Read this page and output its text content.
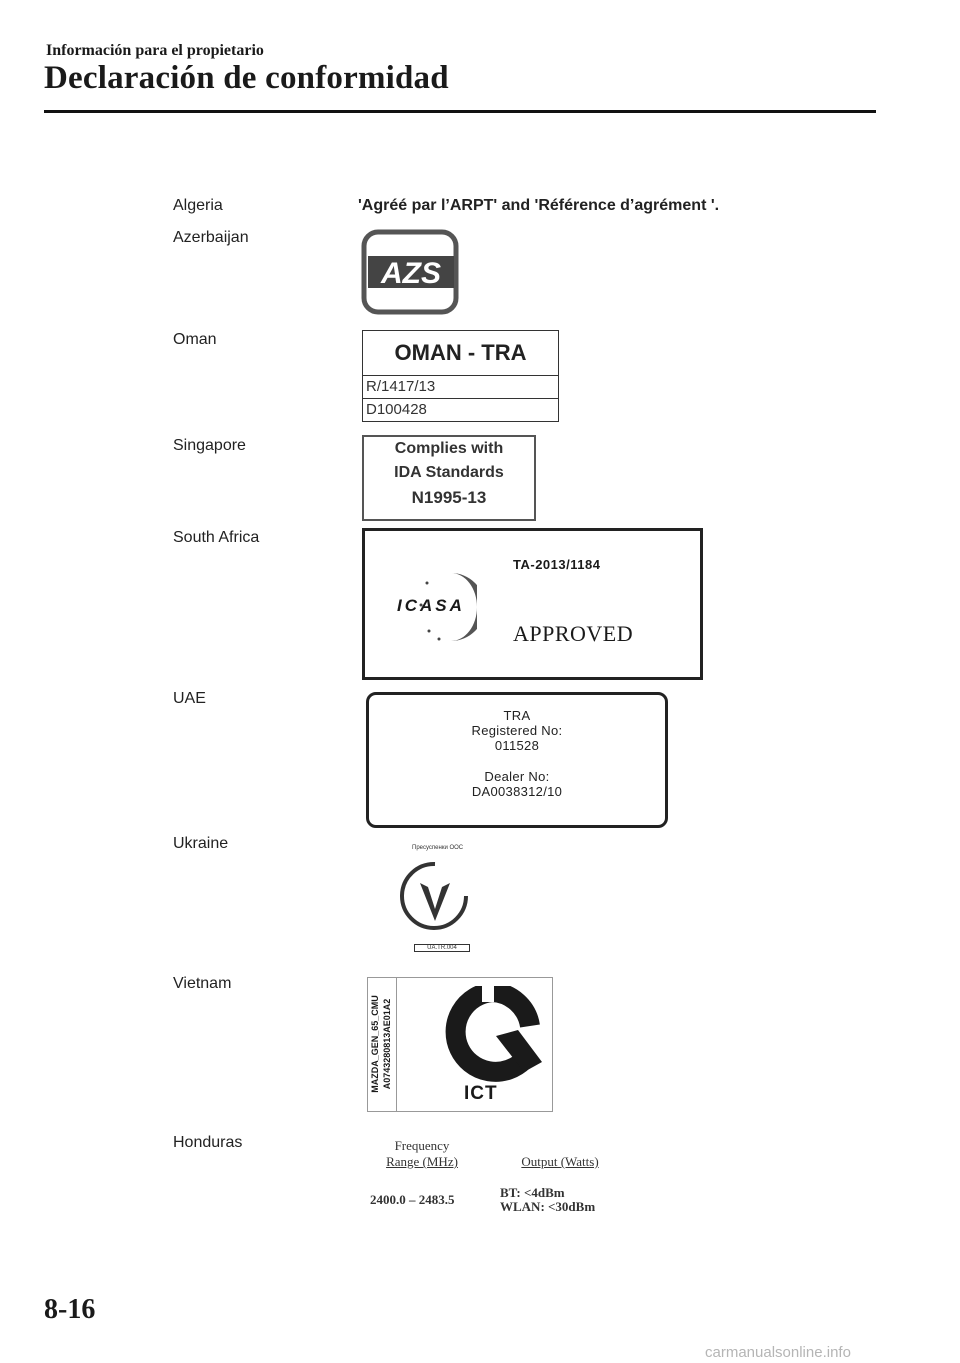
Información para el propietario
Declaración de conformidad
Algeria	'Agréé par l’ARPT' and 'Référence d’agrément '.
Azerbaijan
AZS
Oman
OMAN - TRA
R/1417/13
D100428
Singapore	Complies with
IDA Standards
N1995-13
South Africa
TA-2013/1184
ICASA
APPROVED
UAE
TRA
Registered No:
011528
Dealer No:
DA0038312/10
Ukraine	Пресуспенки ООС
UA.TR.004
Vietnam
MAZDA_GEN_65_CMU A0743280813AE01A2
ICT
Honduras	Frequency
Range (MHz)	Output (Watts)
2400.0 – 2483.5	BT: <4dBm
WLAN: <30dBm
8-16
carmanualsonline.info
